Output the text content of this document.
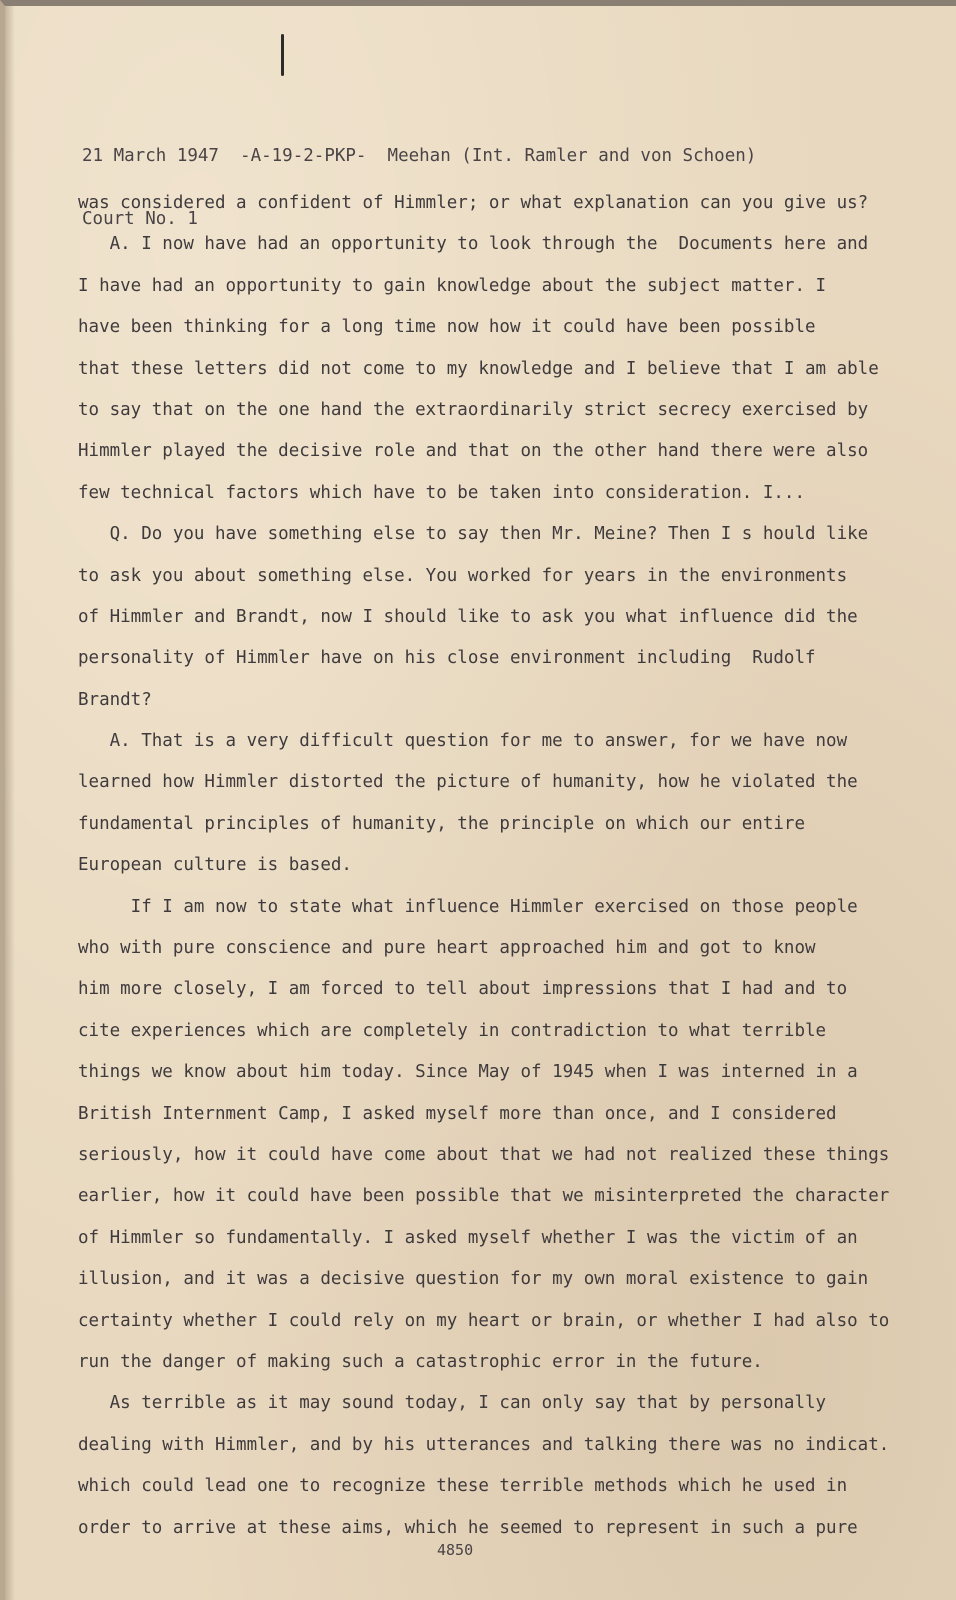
21 March 1947  -A-19-2-PKP-  Meehan (Int. Ramler and von Schoen)

Court No. 1

was considered a confident of Himmler; or what explanation can you give us?
A. I now have had an opportunity to look through the  Documents here and
I have had an opportunity to gain knowledge about the subject matter. I
have been thinking for a long time now how it could have been possible
that these letters did not come to my knowledge and I believe that I am able
to say that on the one hand the extraordinarily strict secrecy exercised by
Himmler played the decisive role and that on the other hand there were also
few technical factors which have to be taken into consideration. I...
Q. Do you have something else to say then Mr. Meine? Then I s hould like
to ask you about something else. You worked for years in the environments
of Himmler and Brandt, now I should like to ask you what influence did the
personality of Himmler have on his close environment including  Rudolf
Brandt?
A. That is a very difficult question for me to answer, for we have now
learned how Himmler distorted the picture of humanity, how he violated the
fundamental principles of humanity, the principle on which our entire
European culture is based.
If I am now to state what influence Himmler exercised on those people
who with pure conscience and pure heart approached him and got to know
him more closely, I am forced to tell about impressions that I had and to
cite experiences which are completely in contradiction to what terrible
things we know about him today. Since May of 1945 when I was interned in a
British Internment Camp, I asked myself more than once, and I considered
seriously, how it could have come about that we had not realized these things
earlier, how it could have been possible that we misinterpreted the character
of Himmler so fundamentally. I asked myself whether I was the victim of an
illusion, and it was a decisive question for my own moral existence to gain
certainty whether I could rely on my heart or brain, or whether I had also to
run the danger of making such a catastrophic error in the future.
As terrible as it may sound today, I can only say that by personally
dealing with Himmler, and by his utterances and talking there was no indicat.
which could lead one to recognize these terrible methods which he used in
order to arrive at these aims, which he seemed to represent in such a pure
4850
